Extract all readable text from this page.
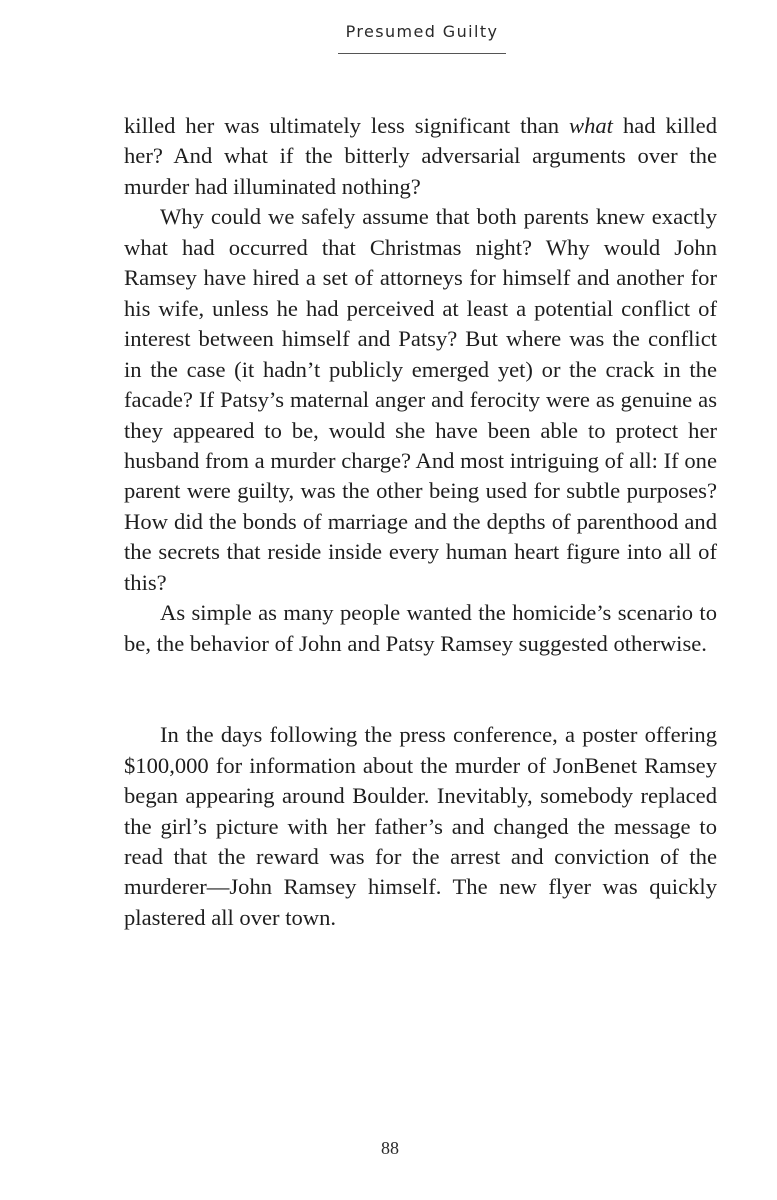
Presumed Guilty

killed her was ultimately less significant than what had killed her? And what if the bitterly adversarial arguments over the murder had illuminated nothing?

Why could we safely assume that both parents knew exactly what had occurred that Christmas night? Why would John Ramsey have hired a set of attorneys for himself and another for his wife, unless he had perceived at least a potential conflict of interest between himself and Patsy? But where was the conflict in the case (it hadn’t publicly emerged yet) or the crack in the facade? If Patsy’s maternal anger and ferocity were as genuine as they appeared to be, would she have been able to protect her husband from a murder charge? And most intriguing of all: If one parent were guilty, was the other being used for subtle purposes? How did the bonds of marriage and the depths of parenthood and the secrets that reside inside every human heart figure into all of this?

As simple as many people wanted the homicide’s scenario to be, the behavior of John and Patsy Ramsey suggested otherwise.

In the days following the press conference, a poster offering $100,000 for information about the murder of JonBenet Ramsey began appearing around Boulder. Inevitably, somebody replaced the girl’s picture with her father’s and changed the message to read that the reward was for the arrest and conviction of the murderer—John Ramsey himself. The new flyer was quickly plastered all over town.

88
